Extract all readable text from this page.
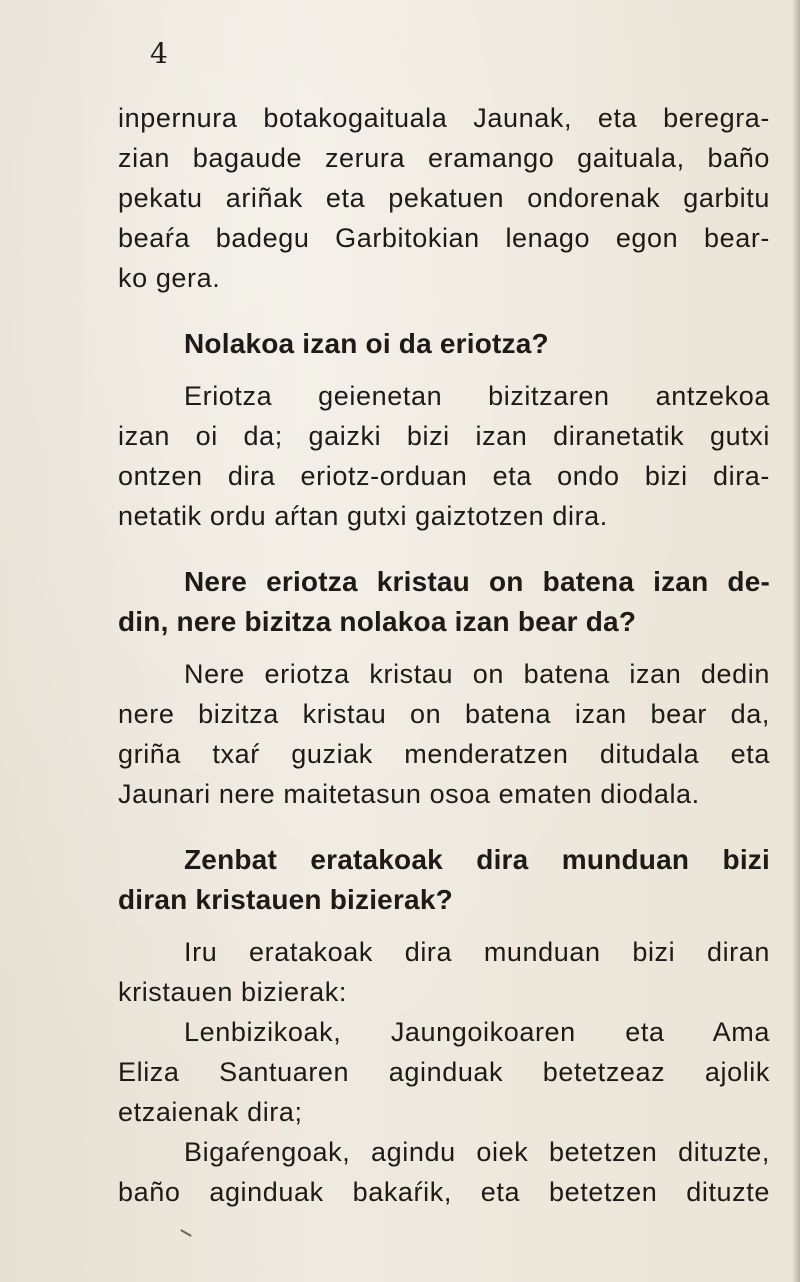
4
inpernura botakogaituala Jaunak, eta beregra-
zian bagaude zerura eramango gaituala, baño
pekatu ariñak eta pekatuen ondorenak garbitu
beaŕa badegu Garbitokian lenago egon bear-
ko gera.
Nolakoa izan oi da eriotza?
Eriotza geienetan bizitzaren antzekoa
izan oi da; gaizki bizi izan diranetatik gutxi
ontzen dira eriotz-orduan eta ondo bizi dira-
netatik ordu aŕtan gutxi gaiztotzen dira.
Nere eriotza kristau on batena izan de-
din, nere bizitza nolakoa izan bear da?
Nere eriotza kristau on batena izan dedin
nere bizitza kristau on batena izan bear da,
griña txaŕ guziak menderatzen ditudala eta
Jaunari nere maitetasun osoa ematen diodala.
Zenbat eratakoak dira munduan bizi
diran kristauen bizierak?
Iru eratakoak dira munduan bizi diran
kristauen bizierak:
Lenbizikoak, Jaungoikoaren eta Ama
Eliza Santuaren aginduak betetzeaz ajolik
etzaienak dira;
Bigaŕengoak, agindu oiek betetzen dituzte,
baño aginduak bakaŕik, eta betetzen dituzte
